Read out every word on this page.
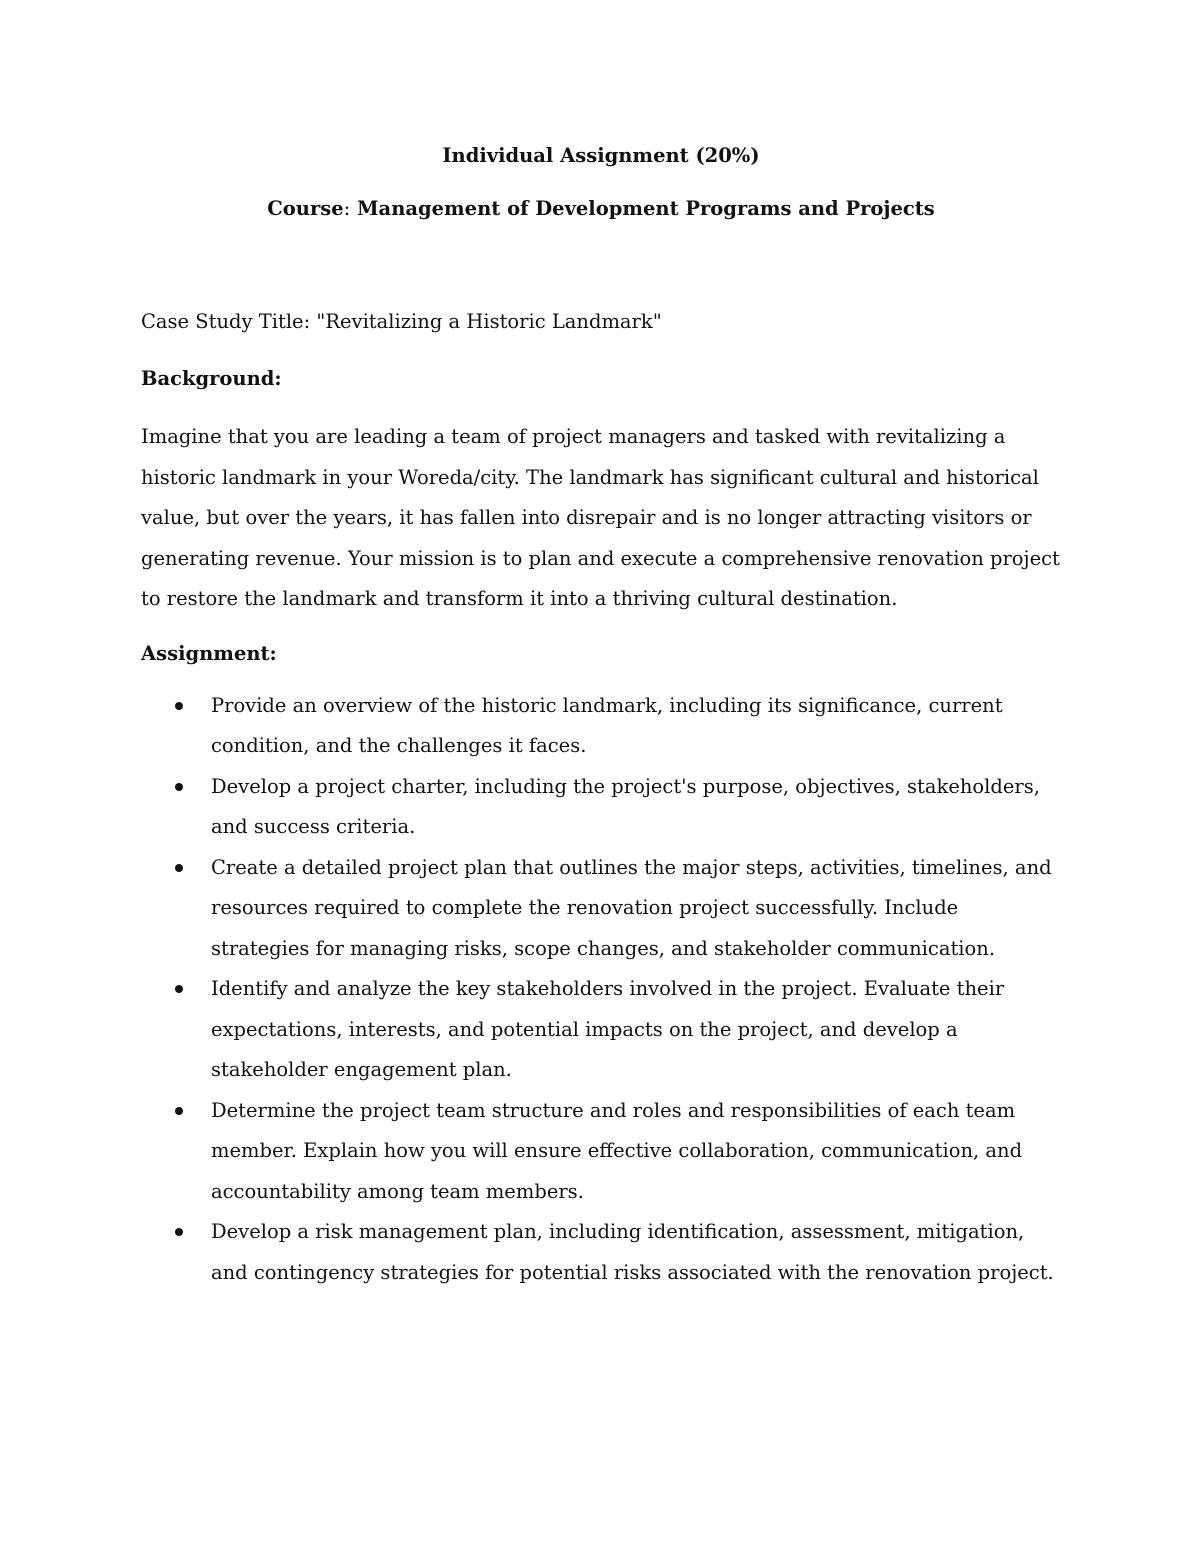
Individual Assignment (20%)

Course: Management of Development Programs and Projects

Case Study Title: "Revitalizing a Historic Landmark"

Background:

Imagine that you are leading a team of project managers and tasked with revitalizing a historic landmark in your Woreda/city. The landmark has significant cultural and historical value, but over the years, it has fallen into disrepair and is no longer attracting visitors or generating revenue. Your mission is to plan and execute a comprehensive renovation project to restore the landmark and transform it into a thriving cultural destination.

Assignment:

Provide an overview of the historic landmark, including its significance, current condition, and the challenges it faces.
Develop a project charter, including the project's purpose, objectives, stakeholders, and success criteria.
Create a detailed project plan that outlines the major steps, activities, timelines, and resources required to complete the renovation project successfully. Include strategies for managing risks, scope changes, and stakeholder communication.
Identify and analyze the key stakeholders involved in the project. Evaluate their expectations, interests, and potential impacts on the project, and develop a stakeholder engagement plan.
Determine the project team structure and roles and responsibilities of each team member. Explain how you will ensure effective collaboration, communication, and accountability among team members.
Develop a risk management plan, including identification, assessment, mitigation, and contingency strategies for potential risks associated with the renovation project.
